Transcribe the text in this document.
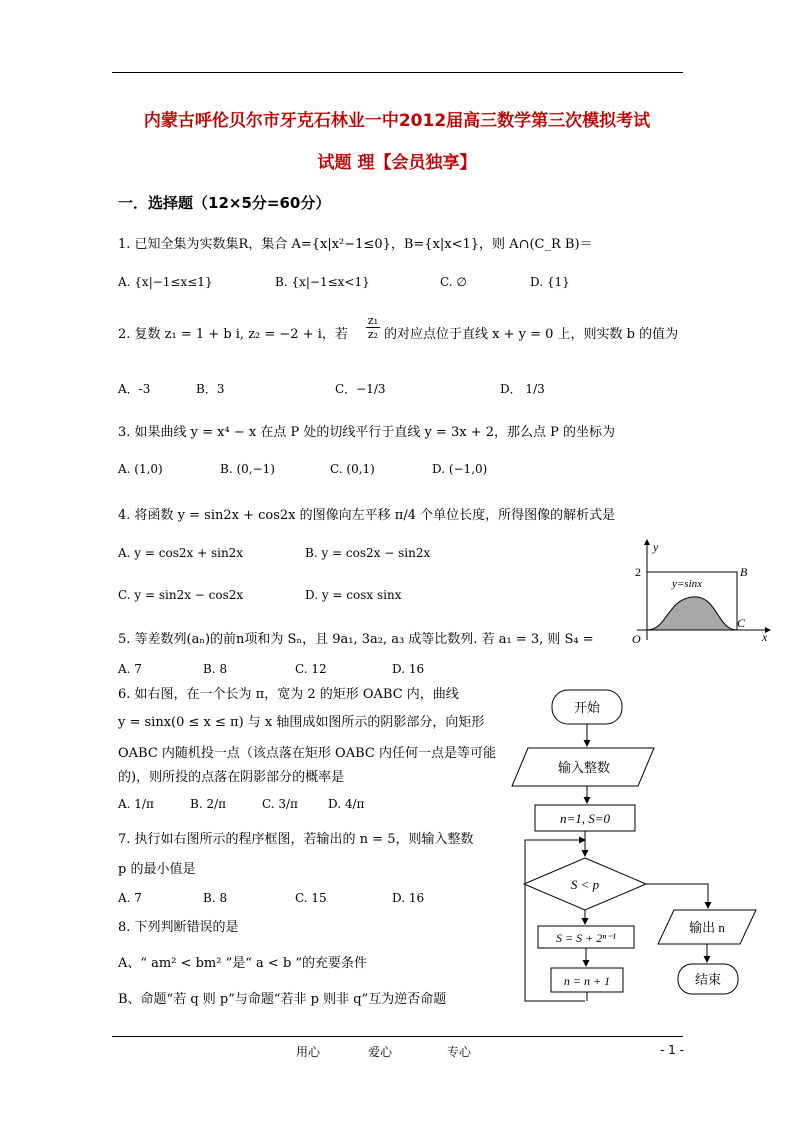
内蒙古呼伦贝尔市牙克石林业一中2012届高三数学第三次模拟考试
试题 理【会员独享】
一．选择题（12×5分=60分）
1. 已知全集为实数集R，集合 A={x|x²−1≤0}，B={x|x<1}，则 A∩(C_R B)＝
A. {x|−1≤x≤1}	B. {x|−1≤x<1}	C. ∅	D. {1}
2. 复数 z₁ = 1 + b i, z₂ = −2 + i，若 $\frac{\text{z₁}}{\text{z₂}}$ 的对应点位于直线 x + y = 0 上，则实数 b 的值为
A．-3	B．3	C．−1/3	D． 1/3
3. 如果曲线 y = x⁴ − x 在点 P 处的切线平行于直线 y = 3x + 2，那么点 P 的坐标为
A. (1,0)	B. (0,−1)	C. (0,1)	D. (−1,0)
4. 将函数 y = sin2x + cos2x 的图像向左平移 π/4 个单位长度，所得图像的解析式是
A. y = cos2x + sin2x	B. y = cos2x − sin2x
C. y = sin2x − cos2x	D. y = cosx sinx
5. 等差数列(aₙ)的前n项和为 Sₙ，且 9a₁, 3a₂, a₃ 成等比数列. 若 a₁ = 3, 则 S₄ =
A. 7	B. 8	C. 12	D. 16
6. 如右图，在一个长为 π，宽为 2 的矩形 OABC 内，曲线
y = sinx(0 ≤ x ≤ π) 与 x 轴围成如图所示的阴影部分，向矩形
OABC 内随机投一点（该点落在矩形 OABC 内任何一点是等可能
的)，则所投的点落在阴影部分的概率是
A. 1/π	B. 2/π	C. 3/π	D. 4/π
7. 执行如右图所示的程序框图，若输出的 n = 5，则输入整数
p 的最小值是
A. 7	B. 8	C. 15	D. 16
8. 下列判断错误的是
A、“ am² < bm² ”是“ a < b ”的充要条件
B、命题“若 q 则 p”与命题“若非 p 则非 q”互为逆否命题
y
x
O
2	B
C
y=sinx
开始
输入整数
n=1, S=0
S < p
S = S + 2ⁿ⁻¹
n = n + 1
输出 n
结束
用心	爱心	专心	- 1 -
